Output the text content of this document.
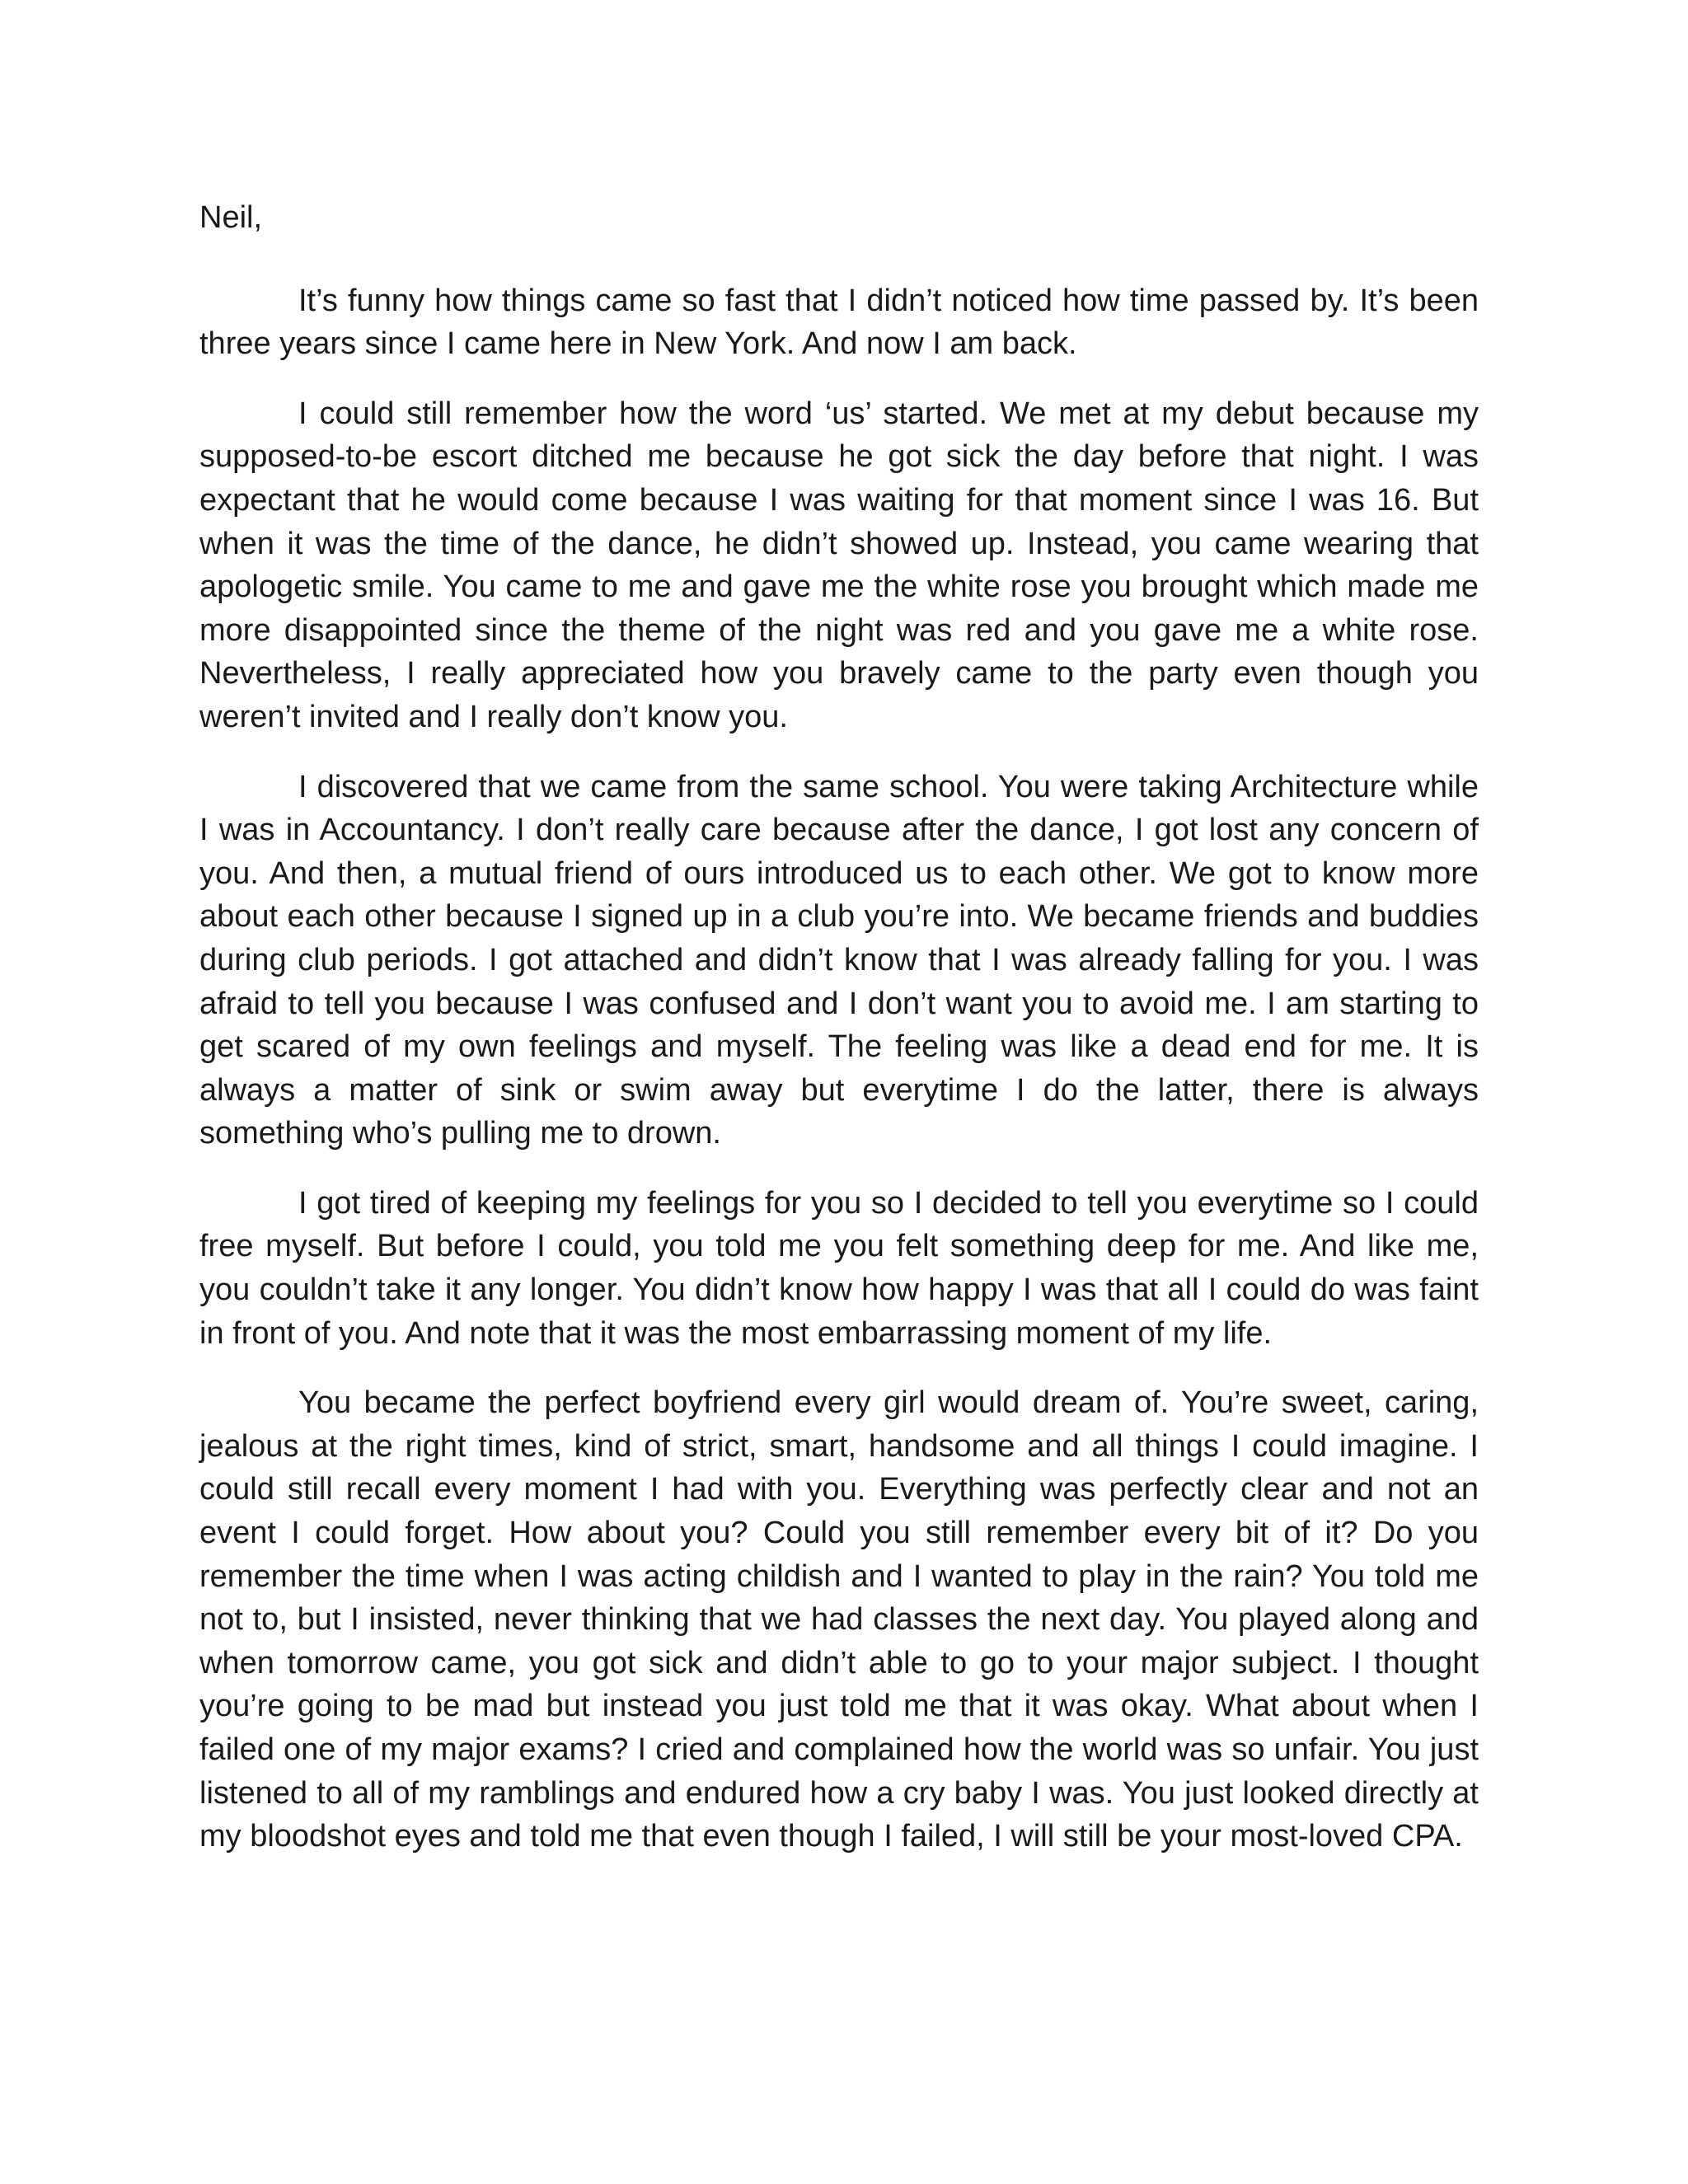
Neil,

It’s funny how things came so fast that I didn’t noticed how time passed by. It’s been three years since I came here in New York. And now I am back.

I could still remember how the word ‘us’ started. We met at my debut because my supposed-to-be escort ditched me because he got sick the day before that night. I was expectant that he would come because I was waiting for that moment since I was 16. But when it was the time of the dance, he didn’t showed up. Instead, you came wearing that apologetic smile. You came to me and gave me the white rose you brought which made me more disappointed since the theme of the night was red and you gave me a white rose. Nevertheless, I really appreciated how you bravely came to the party even though you weren’t invited and I really don’t know you.

I discovered that we came from the same school. You were taking Architecture while I was in Accountancy. I don’t really care because after the dance, I got lost any concern of you. And then, a mutual friend of ours introduced us to each other. We got to know more about each other because I signed up in a club you’re into. We became friends and buddies during club periods. I got attached and didn’t know that I was already falling for you. I was afraid to tell you because I was confused and I don’t want you to avoid me. I am starting to get scared of my own feelings and myself. The feeling was like a dead end for me. It is always a matter of sink or swim away but everytime I do the latter, there is always something who’s pulling me to drown.

I got tired of keeping my feelings for you so I decided to tell you everytime so I could free myself. But before I could, you told me you felt something deep for me. And like me, you couldn’t take it any longer. You didn’t know how happy I was that all I could do was faint in front of you. And note that it was the most embarrassing moment of my life.

You became the perfect boyfriend every girl would dream of. You’re sweet, caring, jealous at the right times, kind of strict, smart, handsome and all things I could imagine. I could still recall every moment I had with you. Everything was perfectly clear and not an event I could forget. How about you? Could you still remember every bit of it? Do you remember the time when I was acting childish and I wanted to play in the rain? You told me not to, but I insisted, never thinking that we had classes the next day. You played along and when tomorrow came, you got sick and didn’t able to go to your major subject. I thought you’re going to be mad but instead you just told me that it was okay. What about when I failed one of my major exams? I cried and complained how the world was so unfair. You just listened to all of my ramblings and endured how a cry baby I was. You just looked directly at my bloodshot eyes and told me that even though I failed, I will still be your most-loved CPA.
